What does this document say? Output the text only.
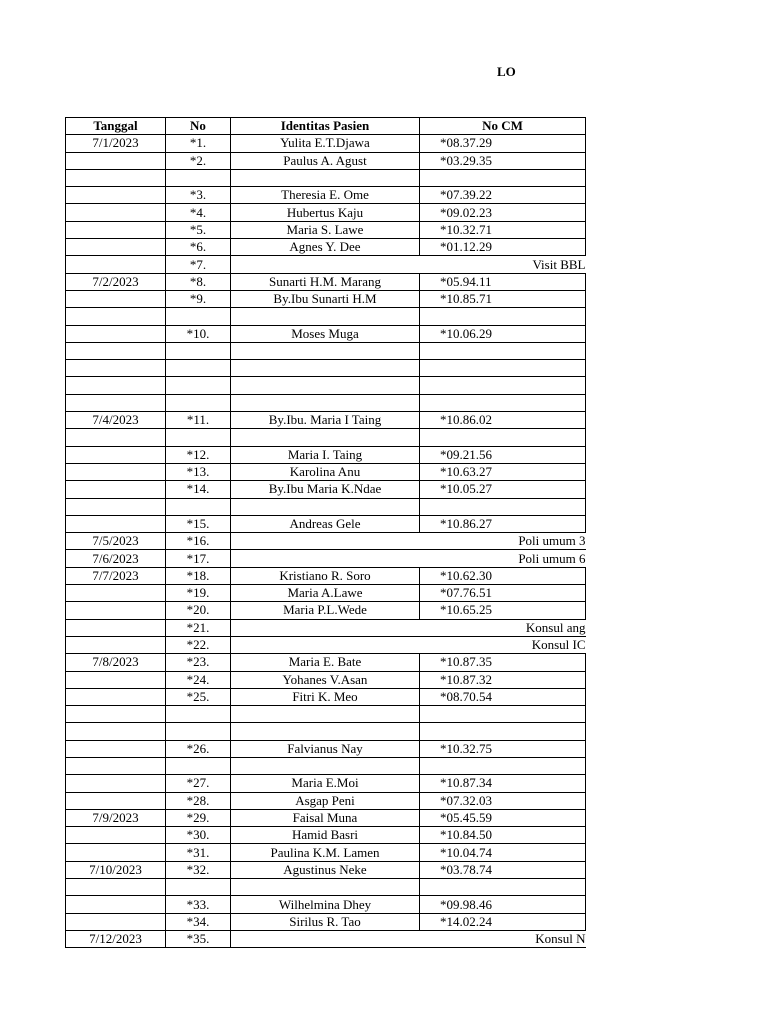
LO
Tanggal	No	Identitas Pasien	No CM
7/1/2023	*1.	Yulita E.T.Djawa	*08.37.29
	*2.	Paulus A. Agust	*03.29.35

	*3.	Theresia E. Ome	*07.39.22
	*4.	Hubertus Kaju	*09.02.23
	*5.	Maria S. Lawe	*10.32.71
	*6.	Agnes Y. Dee	*01.12.29
	*7.	Visit BBL	
7/2/2023	*8.	Sunarti H.M. Marang	*05.94.11
	*9.	By.Ibu Sunarti H.M	*10.85.71

	*10.	Moses Muga	*10.06.29

7/4/2023	*11.	By.Ibu. Maria I Taing	*10.86.02

	*12.	Maria I. Taing	*09.21.56
	*13.	Karolina Anu	*10.63.27
	*14.	By.Ibu Maria K.Ndae	*10.05.27

	*15.	Andreas Gele	*10.86.27
7/5/2023	*16.	Poli umum 3	
7/6/2023	*17.	Poli umum 6	
7/7/2023	*18.	Kristiano R. Soro	*10.62.30
	*19.	Maria A.Lawe	*07.76.51
	*20.	Maria P.L.Wede	*10.65.25
	*21.	Konsul ang	
	*22.	Konsul IC	
7/8/2023	*23.	Maria E. Bate	*10.87.35
	*24.	Yohanes V.Asan	*10.87.32
	*25.	Fitri K. Meo	*08.70.54

	*26.	Falvianus Nay	*10.32.75

	*27.	Maria E.Moi	*10.87.34
	*28.	Asgap Peni	*07.32.03
7/9/2023	*29.	Faisal Muna	*05.45.59
	*30.	Hamid Basri	*10.84.50
	*31.	Paulina K.M. Lamen	*10.04.74
7/10/2023	*32.	Agustinus Neke	*03.78.74

	*33.	Wilhelmina Dhey	*09.98.46
	*34.	Sirilus R. Tao	*14.02.24
7/12/2023	*35.	Konsul N	
